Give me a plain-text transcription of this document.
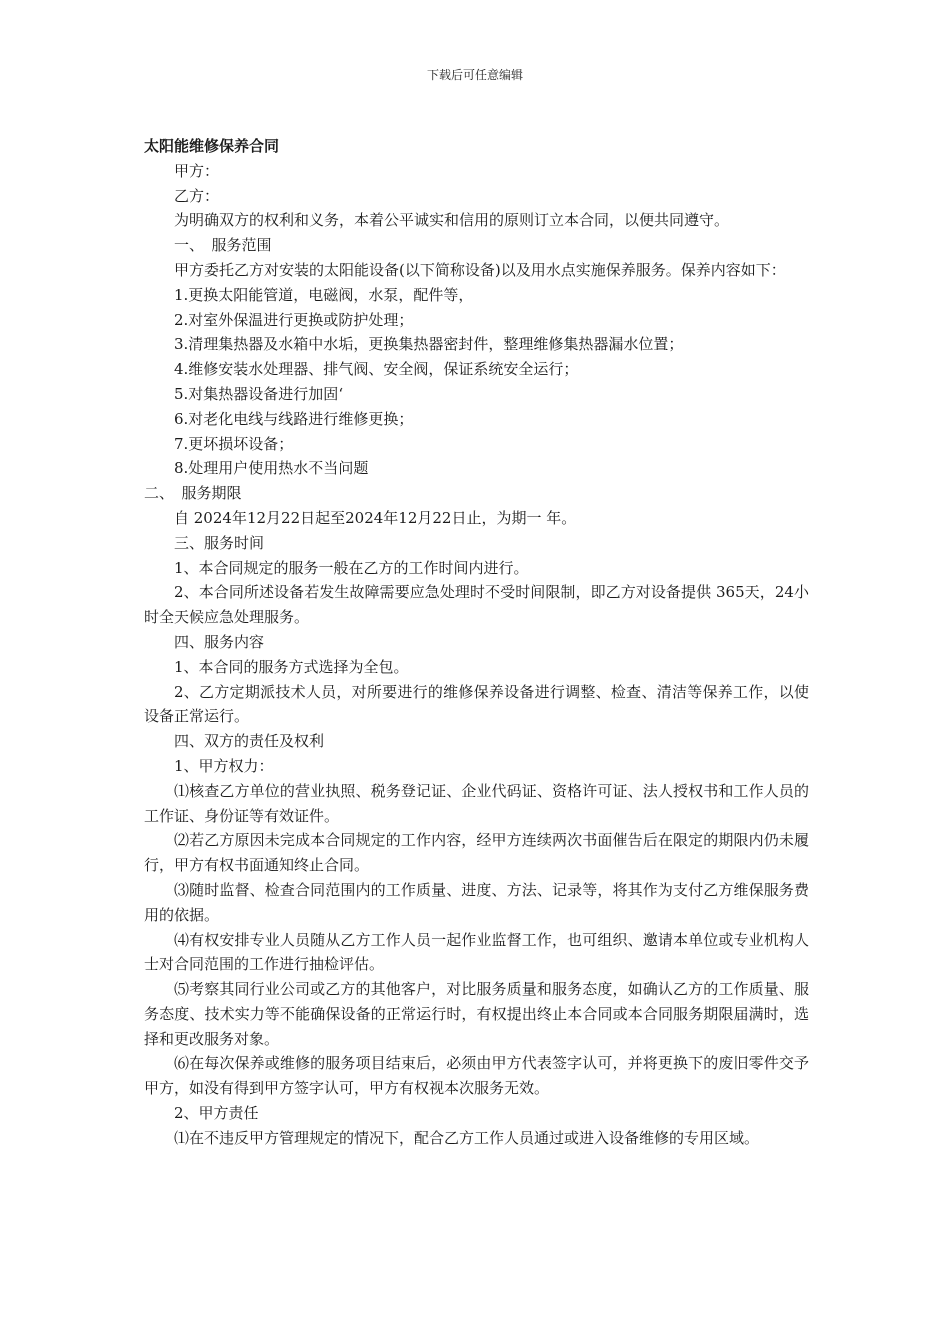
下载后可任意编辑

太阳能维修保养合同

甲方：

乙方：

为明确双方的权利和义务，本着公平诚实和信用的原则订立本合同，以便共同遵守。

一、　服务范围

甲方委托乙方对安装的太阳能设备(以下简称设备)以及用水点实施保养服务。保养内容如下：

1.更换太阳能管道，电磁阀，水泵，配件等，

2.对室外保温进行更换或防护处理；

3.清理集热器及水箱中水垢，更换集热器密封件，整理维修集热器漏水位置；

4.维修安装水处理器、排气阀、安全阀，保证系统安全运行；

5.对集热器设备进行加固‘

6.对老化电线与线路进行维修更换；

7.更坏损坏设备；

8.处理用户使用热水不当问题

二、　服务期限

自 2024年12月22日起至2024年12月22日止，为期一 年。

三、服务时间

1、本合同规定的服务一般在乙方的工作时间内进行。

2、本合同所述设备若发生故障需要应急处理时不受时间限制，即乙方对设备提供 365天，24小时全天候应急处理服务。

四、服务内容

1、本合同的服务方式选择为全包。

2、乙方定期派技术人员，对所要进行的维修保养设备进行调整、检查、清洁等保养工作，以使设备正常运行。

四、双方的责任及权利

1、甲方权力：

⑴核查乙方单位的营业执照、税务登记证、企业代码证、资格许可证、法人授权书和工作人员的工作证、身份证等有效证件。

⑵若乙方原因未完成本合同规定的工作内容，经甲方连续两次书面催告后在限定的期限内仍未履行，甲方有权书面通知终止合同。

⑶随时监督、检查合同范围内的工作质量、进度、方法、记录等，将其作为支付乙方维保服务费用的依据。

⑷有权安排专业人员随从乙方工作人员一起作业监督工作，也可组织、邀请本单位或专业机构人士对合同范围的工作进行抽检评估。

⑸考察其同行业公司或乙方的其他客户，对比服务质量和服务态度，如确认乙方的工作质量、服务态度、技术实力等不能确保设备的正常运行时，有权提出终止本合同或本合同服务期限届满时，选择和更改服务对象。

⑹在每次保养或维修的服务项目结束后，必须由甲方代表签字认可，并将更换下的废旧零件交予甲方，如没有得到甲方签字认可，甲方有权视本次服务无效。

2、甲方责任

⑴在不违反甲方管理规定的情况下，配合乙方工作人员通过或进入设备维修的专用区域。
